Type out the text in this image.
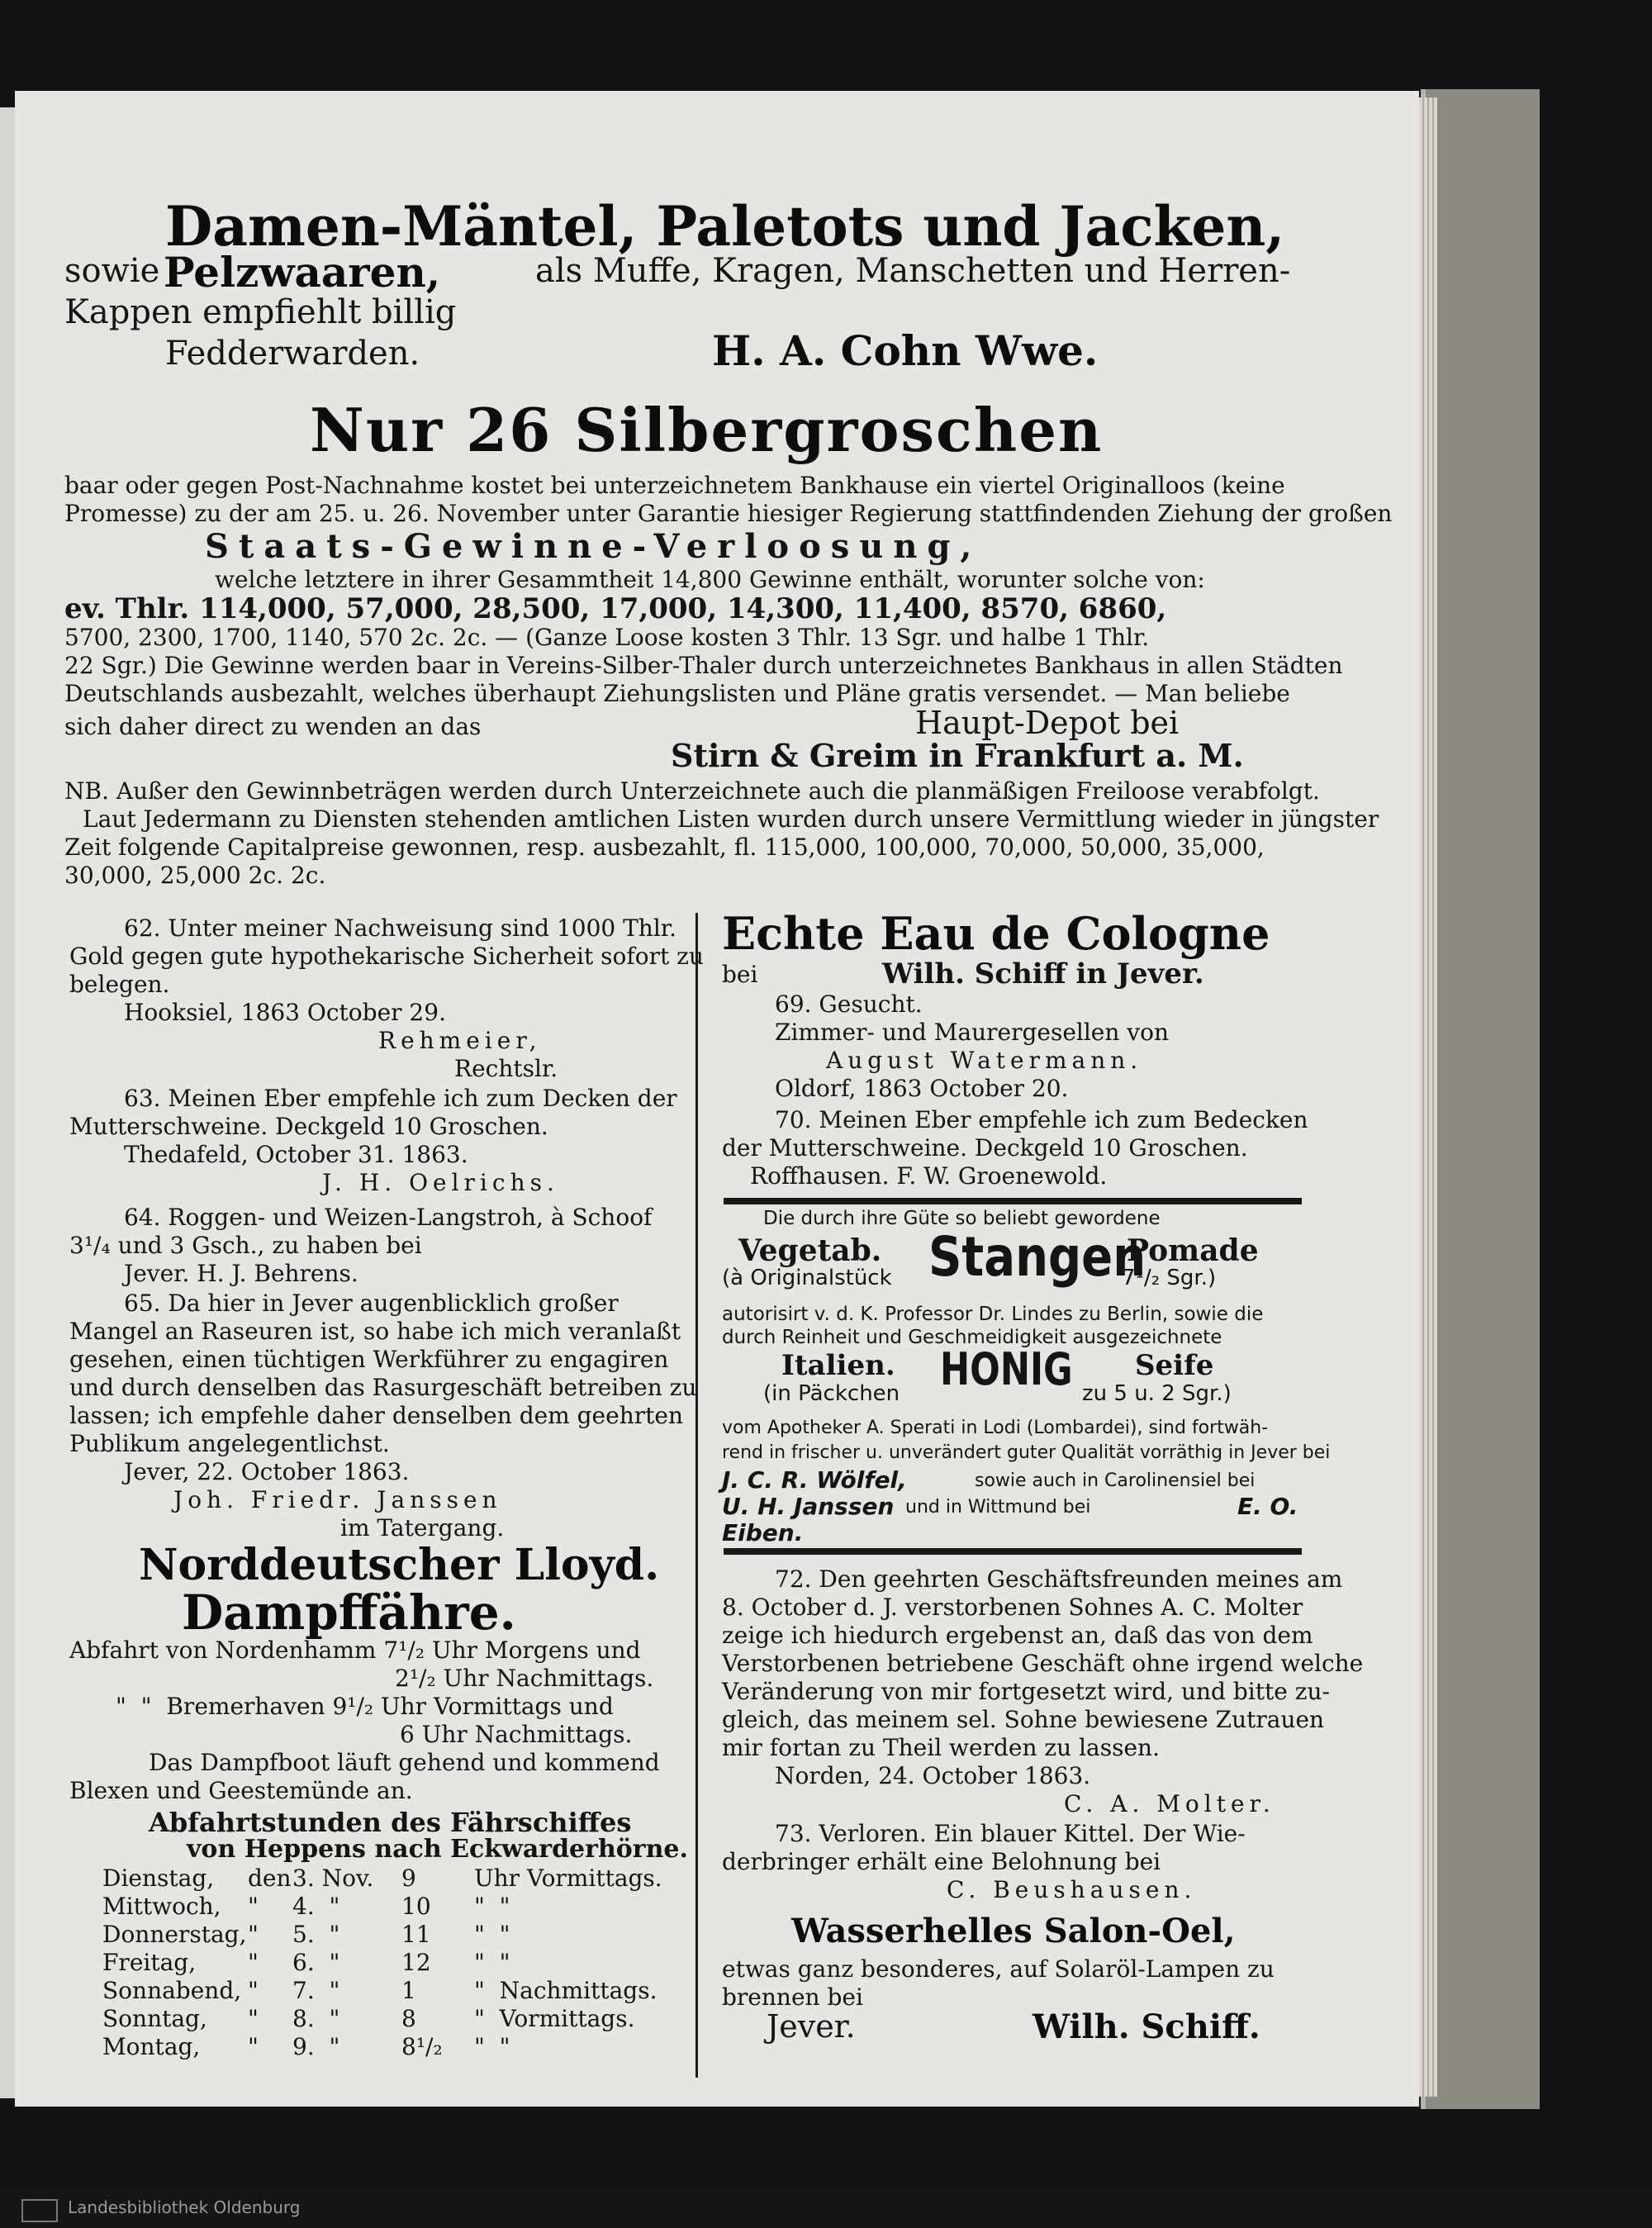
Damen-Mäntel, Paletots und Jacken,
sowie Pelzwaaren,	als Muffe, Kragen, Manschetten und Herren-
Kappen empfiehlt billig
Fedderwarden.	H. A. Cohn Wwe.
Nur 26 Silbergroschen
baar oder gegen Post-Nachnahme kostet bei unterzeichnetem Bankhause ein viertel Originalloos (keine
Promesse) zu der am 25. u. 26. November unter Garantie hiesiger Regierung stattfindenden Ziehung der großen
Staats-Gewinne-Verloosung,
welche letztere in ihrer Gesammtheit 14,800 Gewinne enthält, worunter solche von:
ev. Thlr. 114,000, 57,000, 28,500, 17,000, 14,300, 11,400, 8570, 6860,
5700, 2300, 1700, 1140, 570 2c. 2c. — (Ganze Loose kosten 3 Thlr. 13 Sgr. und halbe 1 Thlr.
22 Sgr.) Die Gewinne werden baar in Vereins-Silber-Thaler durch unterzeichnetes Bankhaus in allen Städten
Deutschlands ausbezahlt, welches überhaupt Ziehungslisten und Pläne gratis versendet. — Man beliebe
sich daher direct zu wenden an das	Haupt-Depot bei
Stirn & Greim in Frankfurt a. M.
NB. Außer den Gewinnbeträgen werden durch Unterzeichnete auch die planmäßigen Freiloose verabfolgt.
Laut Jedermann zu Diensten stehenden amtlichen Listen wurden durch unsere Vermittlung wieder in jüngster
Zeit folgende Capitalpreise gewonnen, resp. ausbezahlt, fl. 115,000, 100,000, 70,000, 50,000, 35,000,
30,000, 25,000 2c. 2c.
62. Unter meiner Nachweisung sind 1000 Thlr.
Gold gegen gute hypothekarische Sicherheit sofort zu
belegen.
Hooksiel, 1863 October 29.
Rehmeier,
Rechtslr.
63. Meinen Eber empfehle ich zum Decken der
Mutterschweine. Deckgeld 10 Groschen.
Thedafeld, October 31. 1863.
J. H. Oelrichs.
64. Roggen- und Weizen-Langstroh, à Schoof
3¹/₄ und 3 Gsch., zu haben bei
Jever. H. J. Behrens.
65. Da hier in Jever augenblicklich großer
Mangel an Raseuren ist, so habe ich mich veranlaßt
gesehen, einen tüchtigen Werkführer zu engagiren
und durch denselben das Rasurgeschäft betreiben zu
lassen; ich empfehle daher denselben dem geehrten
Publikum angelegentlichst.
Jever, 22. October 1863.
Joh. Friedr. Janssen
im Tatergang.
Norddeutscher Lloyd.
Dampffähre.
Abfahrt von Nordenhamm 7¹/₂ Uhr Morgens und
2¹/₂ Uhr Nachmittags.
"  "  Bremerhaven 9¹/₂ Uhr Vormittags und
6 Uhr Nachmittags.
Das Dampfboot läuft gehend und kommend
Blexen und Geestemünde an.
Abfahrtstunden des Fährschiffes
von Heppens nach Eckwarderhörne.
Dienstag, den 3. Nov. 9	Uhr Vormittags.
Mittwoch, " 4.  "	10 "  "
Donnerstag, " 5.  "	11 "  "
Freitag, " 6.  "	12 "  "
Sonnabend, " 7.  "	1	"  Nachmittags.
Sonntag, " 8.  "	8	"  Vormittags.
Montag, " 9.  "	8¹/₂ "  "
Echte Eau de Cologne
bei	Wilh. Schiff in Jever.
69. Gesucht.
Zimmer- und Maurergesellen von
August Watermann.
Oldorf, 1863 October 20.
70. Meinen Eber empfehle ich zum Bedecken
der Mutterschweine. Deckgeld 10 Groschen.
Roffhausen. F. W. Groenewold.
Die durch ihre Güte so beliebt gewordene
Vegetab. Stangen
Pomade
(à Originalstück	7¹/₂ Sgr.)
autorisirt v. d. K. Professor Dr. Lindes zu Berlin, sowie die
durch Reinheit und Geschmeidigkeit ausgezeichnete
Italien. HONIG Seife
(in Päckchen	zu 5 u. 2 Sgr.)
vom Apotheker A. Sperati in Lodi (Lombardei), sind fortwäh-
rend in frischer u. unverändert guter Qualität vorräthig in Jever bei
J. C. R. Wölfel,	sowie auch in Carolinensiel bei
U. H. Janssen und in Wittmund bei	E. O.
Eiben.
72. Den geehrten Geschäftsfreunden meines am
8. October d. J. verstorbenen Sohnes A. C. Molter
zeige ich hiedurch ergebenst an, daß das von dem
Verstorbenen betriebene Geschäft ohne irgend welche
Veränderung von mir fortgesetzt wird, und bitte zu-
gleich, das meinem sel. Sohne bewiesene Zutrauen
mir fortan zu Theil werden zu lassen.
Norden, 24. October 1863.
C. A. Molter.
73. Verloren. Ein blauer Kittel. Der Wie-
derbringer erhält eine Belohnung bei
C. Beushausen.
Wasserhelles Salon-Oel,
etwas ganz besonderes, auf Solaröl-Lampen zu
brennen bei
Jever.	Wilh. Schiff.
Landesbibliothek Oldenburg
